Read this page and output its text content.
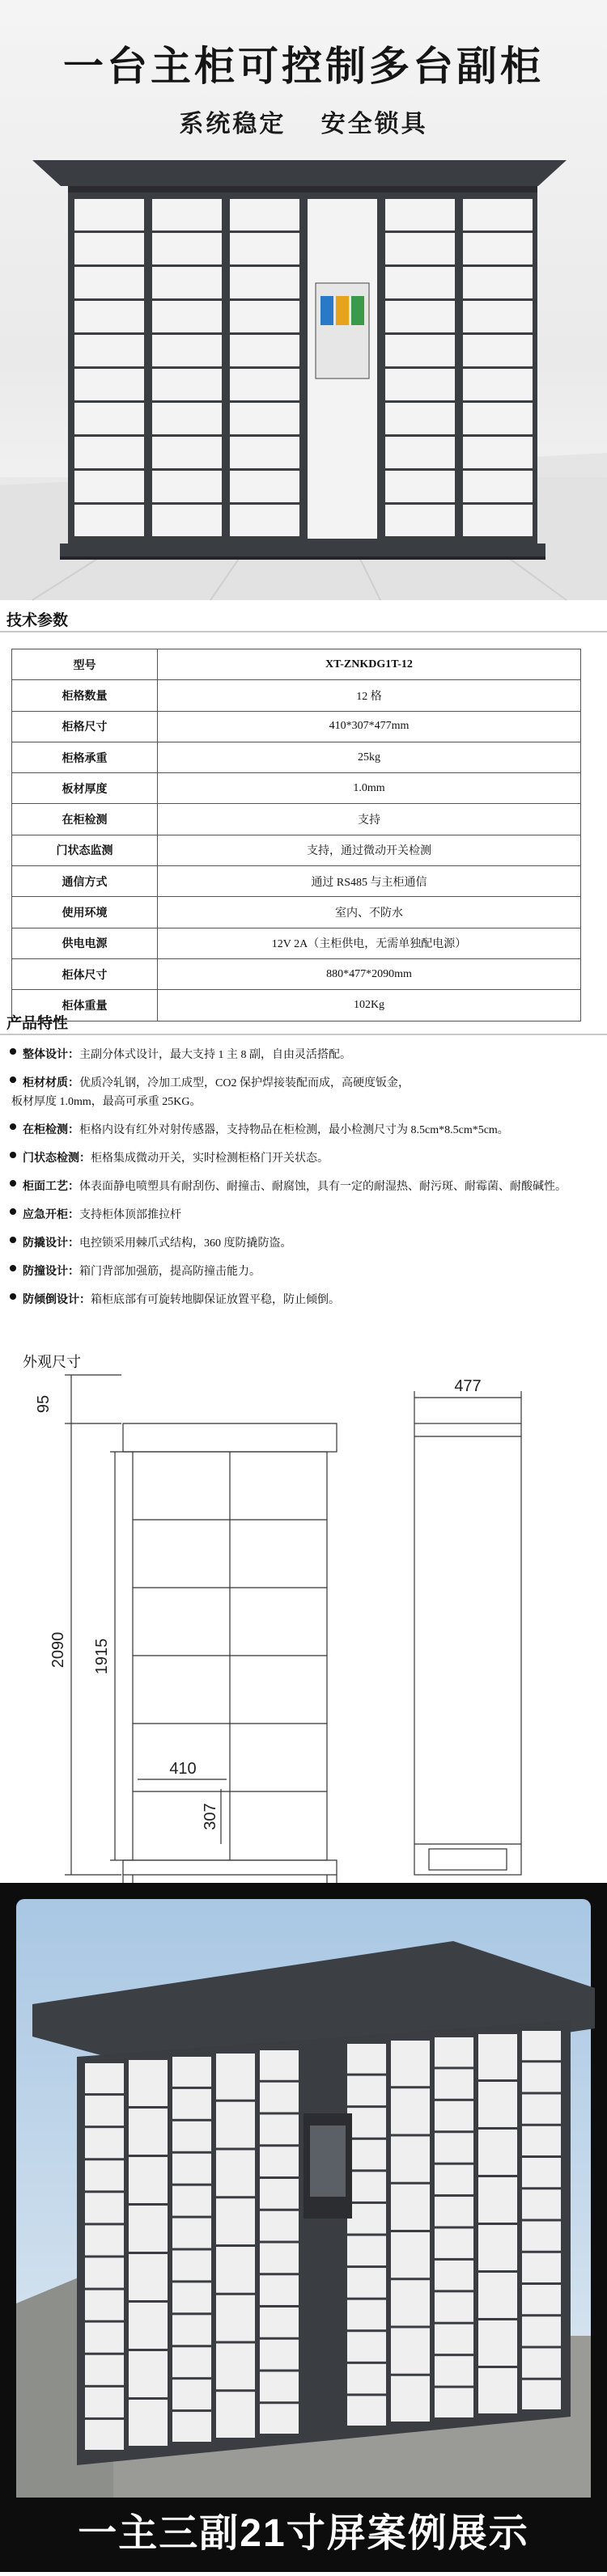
一台主柜可控制多台副柜
系统稳定 安全锁具
技术参数
型号	XT-ZNKDG1T-12
柜格数量	12 格
柜格尺寸	410*307*477mm
柜格承重	25kg
板材厚度	1.0mm
在柜检测	支持
门状态监测	支持，通过微动开关检测
通信方式	通过 RS485 与主柜通信
使用环境	室内、不防水
供电电源	12V 2A（主柜供电，无需单独配电源）
柜体尺寸	880*477*2090mm
柜体重量	102Kg
产品特性
整体设计：主副分体式设计，最大支持 1 主 8 副，自由灵活搭配。
柜材材质：优质冷轧钢，冷加工成型，CO2 保护焊接装配而成，高硬度钣金，
板材厚度 1.0mm，最高可承重 25KG。
在柜检测：柜格内设有红外对射传感器，支持物品在柜检测，最小检测尺寸为 8.5cm*8.5cm*5cm。
门状态检测：柜格集成微动开关，实时检测柜格门开关状态。
柜面工艺：体表面静电喷塑具有耐刮伤、耐撞击、耐腐蚀，具有一定的耐湿热、耐污斑、耐霉菌、耐酸碱性。
应急开柜：支持柜体顶部推拉杆
防撬设计：电控锁采用棘爪式结构，360 度防撬防盗。
防撞设计：箱门背部加强筋，提高防撞击能力。
防倾倒设计：箱柜底部有可旋转地脚保证放置平稳，防止倾倒。
外观尺寸
95
2090 1915
477
410
307
一主三副21寸屏案例展示
